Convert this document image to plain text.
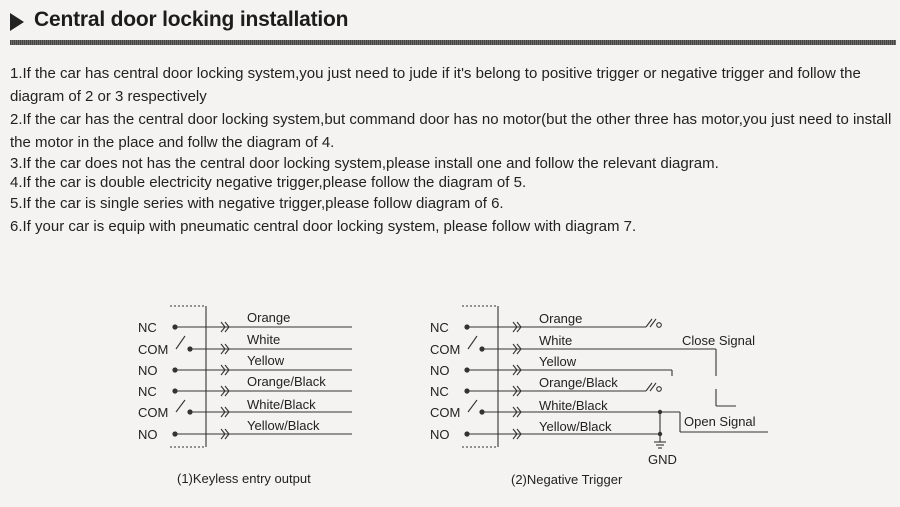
Central door locking installation

1.If the car has central door locking system,you just need to jude if it's belong to positive trigger or negative trigger and follow the diagram of 2 or 3 respectively

2.If the car has the central door locking system,but command door has no motor(but the other three has motor,you just need to install the motor in the place and follw the diagram of 4.

3.If the car does not has the central door locking system,please install one and follow the relevant diagram.

4.If the car is double electricity negative trigger,please follow the diagram of 5.

5.If the car is single series with negative trigger,please follow diagram of 6.

6.If your car is equip with pneumatic central door locking system, please follow with diagram 7.

NC
COM
NO
NC
COM
NO
Orange
White
Yellow
Orange/Black
White/Black
Yellow/Black
(1)Keyless entry output
NC
COM
NO
NC
COM
NO
Orange
White
Yellow
Orange/Black
White/Black
Yellow/Black
Close Signal
Open Signal
GND
(2)Negative Trigger
